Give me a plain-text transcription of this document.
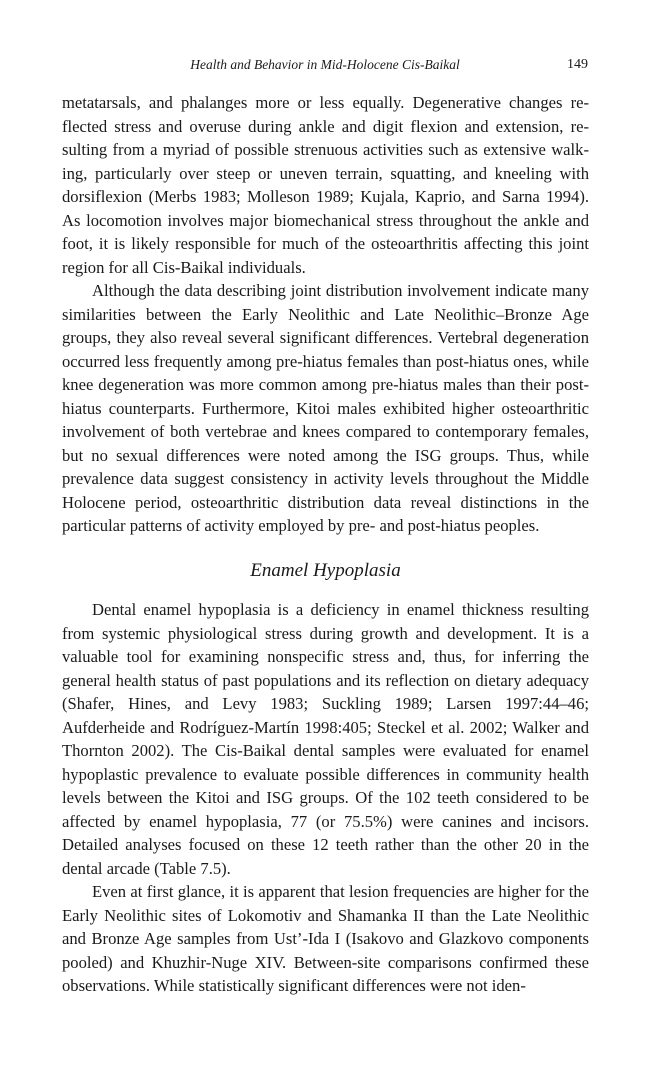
Health and Behavior in Mid-Holocene Cis-Baikal	149

metatarsals, and phalanges more or less equally. Degenerative changes reflected stress and overuse during ankle and digit flexion and extension, resulting from a myriad of possible strenuous activities such as extensive walking, particularly over steep or uneven terrain, squatting, and kneeling with dorsiflexion (Merbs 1983; Molleson 1989; Kujala, Kaprio, and Sarna 1994). As locomotion involves major biomechanical stress throughout the ankle and foot, it is likely responsible for much of the osteoarthritis affecting this joint region for all Cis-Baikal individuals.

Although the data describing joint distribution involvement indicate many similarities between the Early Neolithic and Late Neolithic–Bronze Age groups, they also reveal several significant differences. Vertebral degeneration occurred less frequently among pre-hiatus females than post-hiatus ones, while knee degeneration was more common among pre-hiatus males than their posthiatus counterparts. Furthermore, Kitoi males exhibited higher osteoarthritic involvement of both vertebrae and knees compared to contemporary females, but no sexual differences were noted among the ISG groups. Thus, while prevalence data suggest consistency in activity levels throughout the Middle Holocene period, osteoarthritic distribution data reveal distinctions in the particular patterns of activity employed by pre- and post-hiatus peoples.

Enamel Hypoplasia

Dental enamel hypoplasia is a deficiency in enamel thickness resulting from systemic physiological stress during growth and development. It is a valuable tool for examining nonspecific stress and, thus, for inferring the general health status of past populations and its reflection on dietary adequacy (Shafer, Hines, and Levy 1983; Suckling 1989; Larsen 1997:44–46; Aufderheide and Rodríguez-Martín 1998:405; Steckel et al. 2002; Walker and Thornton 2002). The Cis-Baikal dental samples were evaluated for enamel hypoplastic prevalence to evaluate possible differences in community health levels between the Kitoi and ISG groups. Of the 102 teeth considered to be affected by enamel hypoplasia, 77 (or 75.5%) were canines and incisors. Detailed analyses focused on these 12 teeth rather than the other 20 in the dental arcade (Table 7.5).

Even at first glance, it is apparent that lesion frequencies are higher for the Early Neolithic sites of Lokomotiv and Shamanka II than the Late Neolithic and Bronze Age samples from Ust’-Ida I (Isakovo and Glazkovo components pooled) and Khuzhir-Nuge XIV. Between-site comparisons confirmed these observations. While statistically significant differences were not iden-
